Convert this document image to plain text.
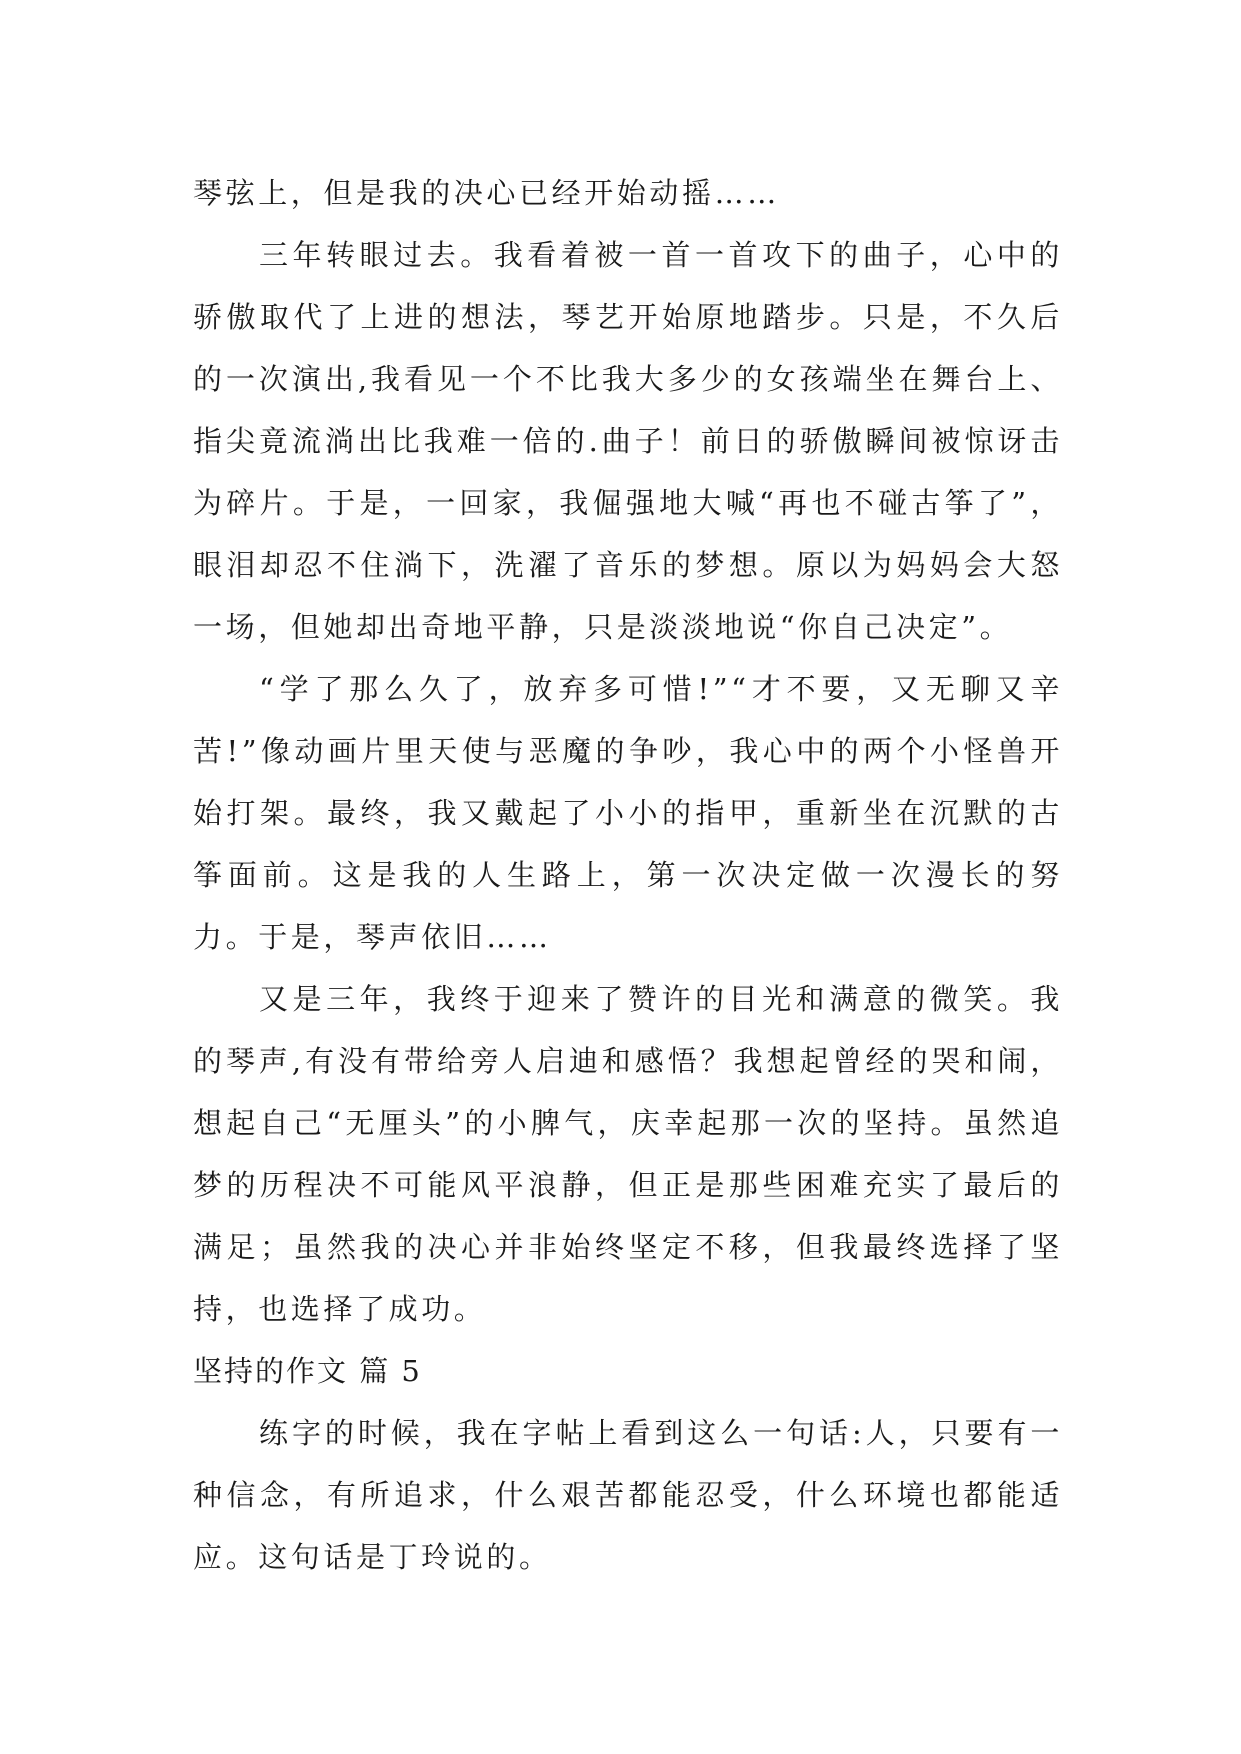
琴弦上，但是我的决心已经开始动摇……

三年转眼过去。我看着被一首一首攻下的曲子，心中的骄傲取代了上进的想法，琴艺开始原地踏步。只是，不久后的一次演出,我看见一个不比我大多少的女孩端坐在舞台上、指尖竟流淌出比我难一倍的.曲子！前日的骄傲瞬间被惊讶击为碎片。于是，一回家，我倔强地大喊“再也不碰古筝了”，眼泪却忍不住淌下，洗濯了音乐的梦想。原以为妈妈会大怒一场，但她却出奇地平静，只是淡淡地说“你自己决定”。

“学了那么久了，放弃多可惜!”“才不要，又无聊又辛苦!”像动画片里天使与恶魔的争吵，我心中的两个小怪兽开始打架。最终，我又戴起了小小的指甲，重新坐在沉默的古筝面前。这是我的人生路上，第一次决定做一次漫长的努力。于是，琴声依旧……

又是三年，我终于迎来了赞许的目光和满意的微笑。我的琴声,有没有带给旁人启迪和感悟？我想起曾经的哭和闹，想起自己“无厘头”的小脾气，庆幸起那一次的坚持。虽然追梦的历程决不可能风平浪静，但正是那些困难充实了最后的满足；虽然我的决心并非始终坚定不移，但我最终选择了坚持，也选择了成功。

坚持的作文 篇 5

练字的时候，我在字帖上看到这么一句话:人，只要有一种信念，有所追求，什么艰苦都能忍受，什么环境也都能适应。这句话是丁玲说的。
